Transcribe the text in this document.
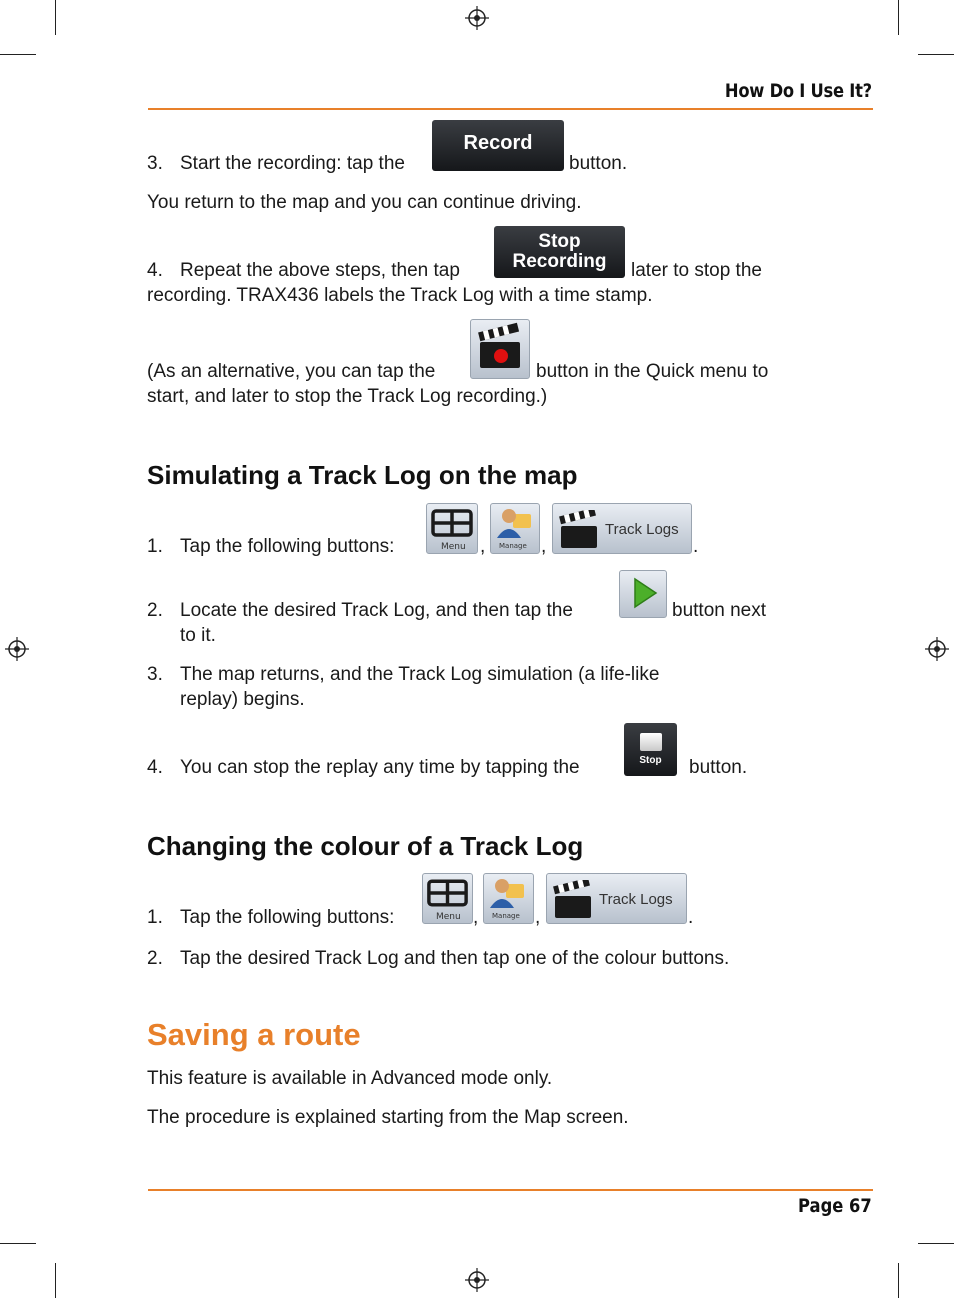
How Do I Use It?
3. Start the recording: tap the
Record
button.
You return to the map and you can continue driving.
4. Repeat the above steps, then tap
Stop
Recording later to stop the
recording. TRAX436 labels the Track Log with a time stamp.
(As an alternative, you can tap the	button in the Quick menu to
start, and later to stop the Track Log recording.)
Simulating a Track Log on the map
1. Tap the following buttons:	Menu , Manage ,
Track Logs
.
2. Locate the desired Track Log, and then tap the	button next
to it.
3. The map returns, and the Track Log simulation (a life-like
replay) begins.
4. You can stop the replay any time by tapping the	Stop button.
Changing the colour of a Track Log
1. Tap the following buttons:	Menu , Manage ,
Track Logs
.
2. Tap the desired Track Log and then tap one of the colour buttons.
Saving a route
This feature is available in Advanced mode only.
The procedure is explained starting from the Map screen.
Page 67
